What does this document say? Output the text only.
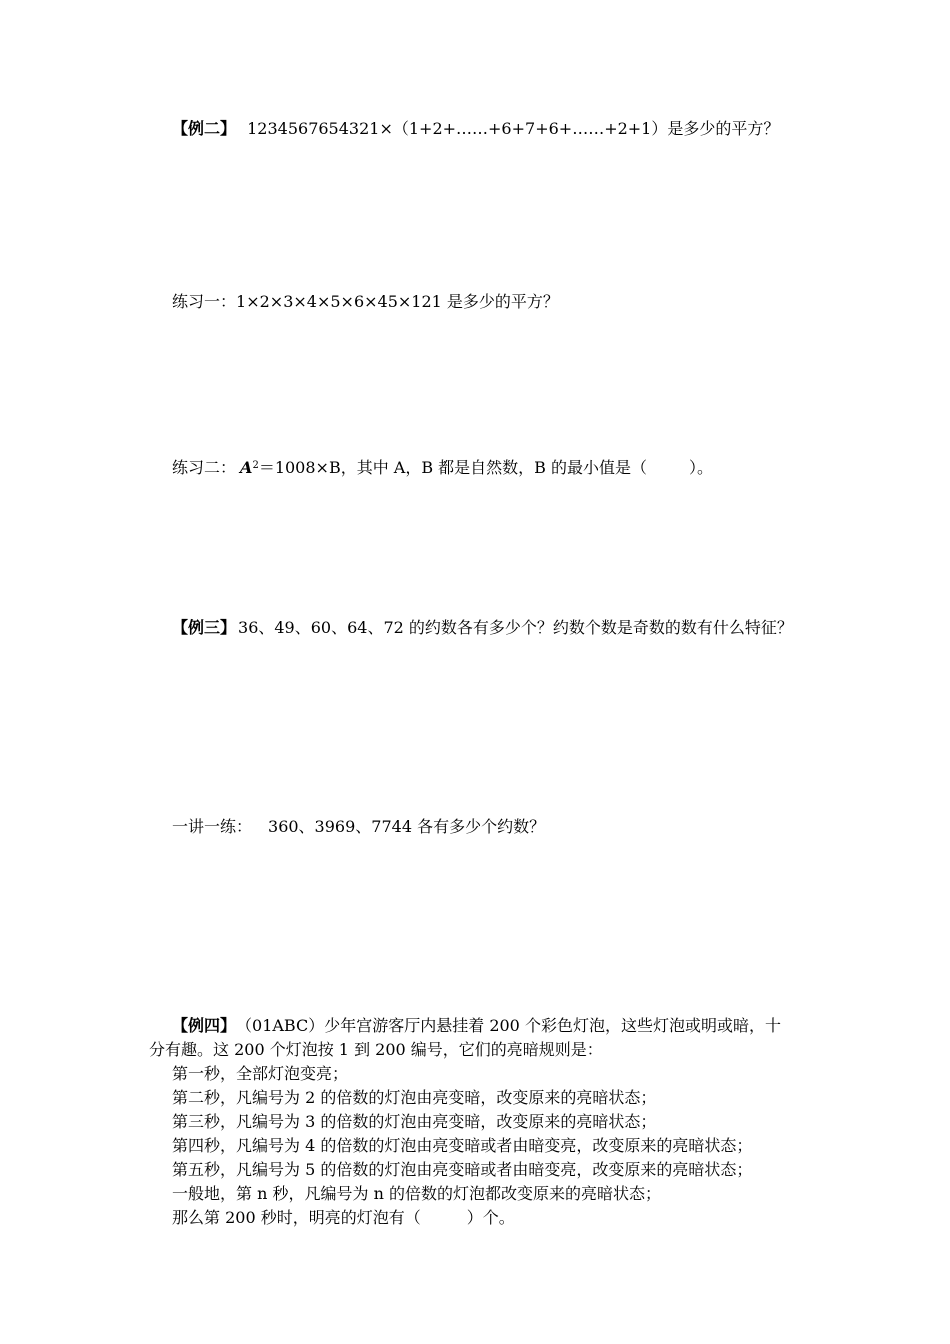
【例二】 1234567654321×（1+2+……+6+7+6+……+2+1）是多少的平方？
练习一：1×2×3×4×5×6×45×121 是多少的平方？
练习二： $A^2=1008\times B$，其中 A，B 都是自然数，B 的最小值是（	）。
【例三】 36、49、60、64、72 的约数各有多少个？约数个数是奇数的数有什么特征？
一讲一练： 360、3969、7744 各有多少个约数？
【例四】 （01ABC）少年宫游客厅内悬挂着 200 个彩色灯泡，这些灯泡或明或暗，十
分有趣。这 200 个灯泡按 1 到 200 编号，它们的亮暗规则是：
第一秒，全部灯泡变亮；
第二秒，凡编号为 2 的倍数的灯泡由亮变暗，改变原来的亮暗状态；
第三秒，凡编号为 3 的倍数的灯泡由亮变暗，改变原来的亮暗状态；
第四秒，凡编号为 4 的倍数的灯泡由亮变暗或者由暗变亮，改变原来的亮暗状态；
第五秒，凡编号为 5 的倍数的灯泡由亮变暗或者由暗变亮，改变原来的亮暗状态；
一般地，第 n 秒，凡编号为 n 的倍数的灯泡都改变原来的亮暗状态；
那么第 200 秒时，明亮的灯泡有（	）个。
